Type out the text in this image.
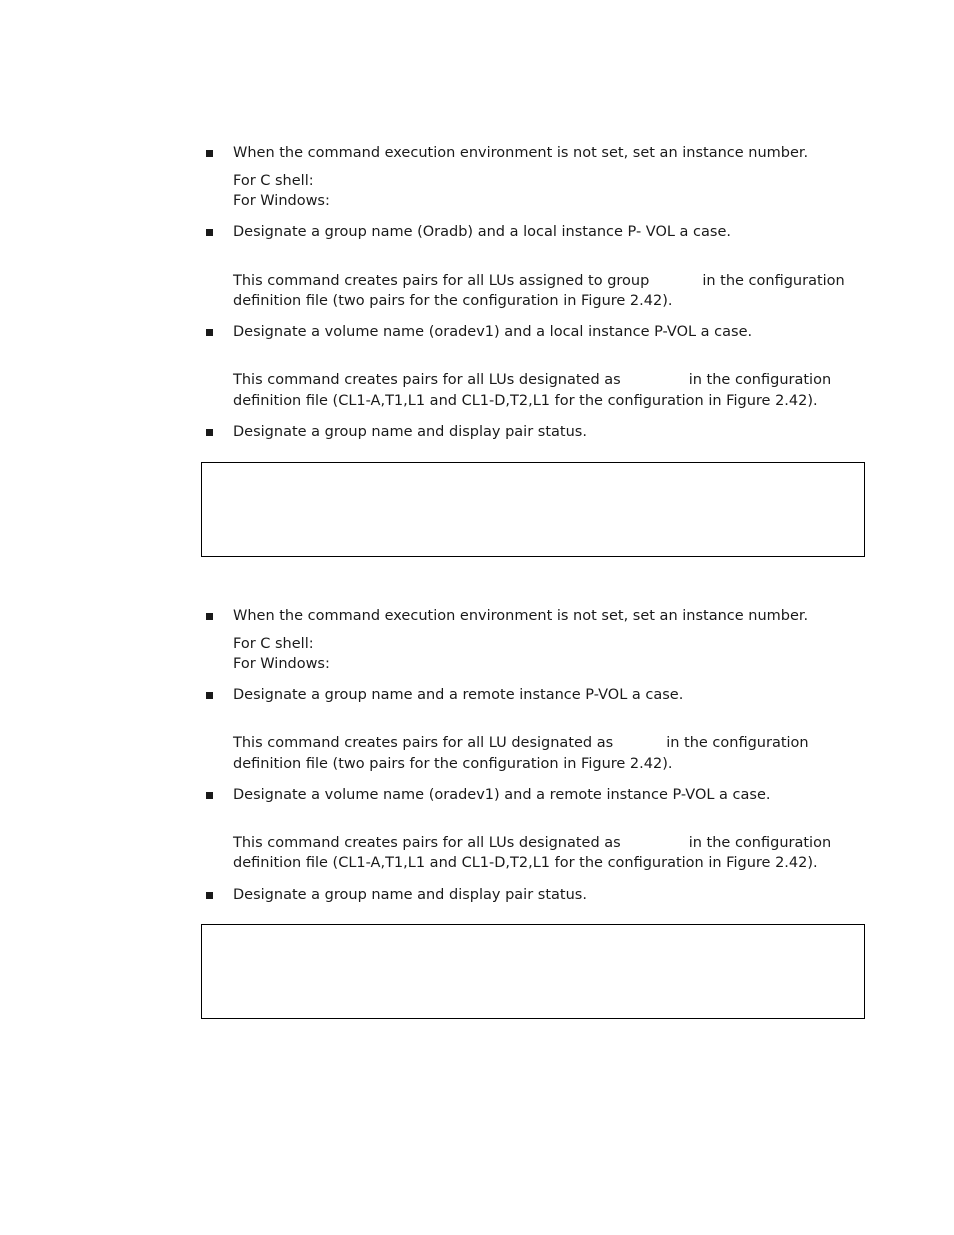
When the command execution environment is not set, set an instance number.
For C shell:
For Windows:
Designate a group name (Oradb) and a local instance P- VOL a case.
This command creates pairs for all LUs assigned to group	in the configuration
definition file (two pairs for the configuration in Figure 2.42).
Designate a volume name (oradev1) and a local instance P-VOL a case.
This command creates pairs for all LUs designated as	in the configuration
definition file (CL1-A,T1,L1 and CL1-D,T2,L1 for the configuration in Figure 2.42).
Designate a group name and display pair status.
When the command execution environment is not set, set an instance number.
For C shell:
For Windows:
Designate a group name and a remote instance P-VOL a case.
This command creates pairs for all LU designated as	in the configuration
definition file (two pairs for the configuration in Figure 2.42).
Designate a volume name (oradev1) and a remote instance P-VOL a case.
This command creates pairs for all LUs designated as	in the configuration
definition file (CL1-A,T1,L1 and CL1-D,T2,L1 for the configuration in Figure 2.42).
Designate a group name and display pair status.
